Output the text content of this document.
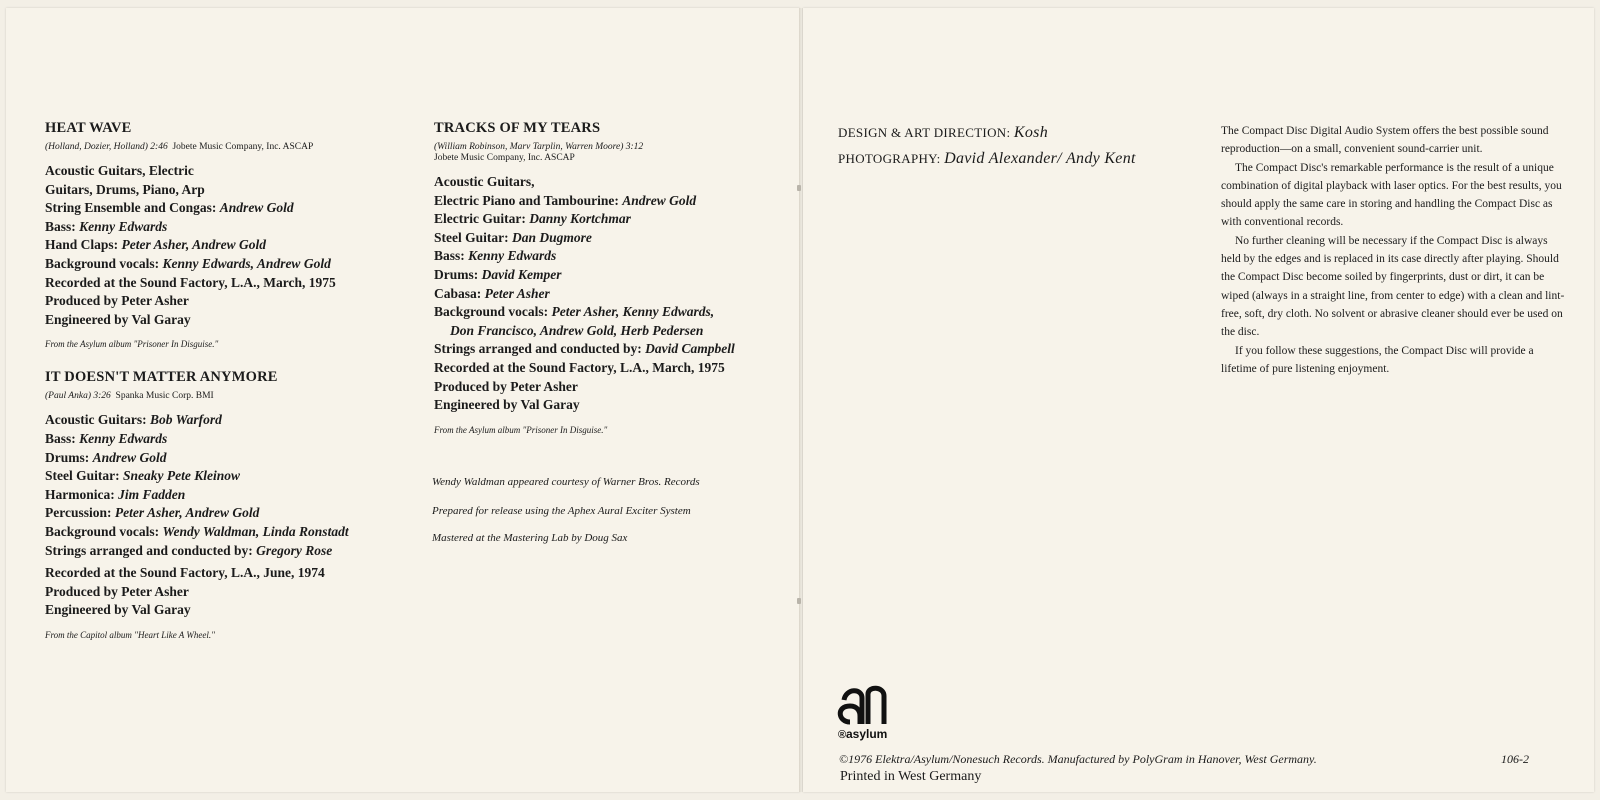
HEAT WAVE
(Holland, Dozier, Holland) 2:46 Jobete Music Company, Inc. ASCAP
Acoustic Guitars, Electric
Guitars, Drums, Piano, Arp
String Ensemble and Congas: Andrew Gold
Bass: Kenny Edwards
Hand Claps: Peter Asher, Andrew Gold
Background vocals: Kenny Edwards, Andrew Gold
Recorded at the Sound Factory, L.A., March, 1975
Produced by Peter Asher
Engineered by Val Garay
From the Asylum album "Prisoner In Disguise."
IT DOESN'T MATTER ANYMORE
(Paul Anka) 3:26 Spanka Music Corp. BMI
Acoustic Guitars: Bob Warford
Bass: Kenny Edwards
Drums: Andrew Gold
Steel Guitar: Sneaky Pete Kleinow
Harmonica: Jim Fadden
Percussion: Peter Asher, Andrew Gold
Background vocals: Wendy Waldman, Linda Ronstadt
Strings arranged and conducted by: Gregory Rose
Recorded at the Sound Factory, L.A., June, 1974
Produced by Peter Asher
Engineered by Val Garay
From the Capitol album "Heart Like A Wheel."
TRACKS OF MY TEARS
(William Robinson, Marv Tarplin, Warren Moore) 3:12
Jobete Music Company, Inc. ASCAP
Acoustic Guitars,
Electric Piano and Tambourine: Andrew Gold
Electric Guitar: Danny Kortchmar
Steel Guitar: Dan Dugmore
Bass: Kenny Edwards
Drums: David Kemper
Cabasa: Peter Asher
Background vocals: Peter Asher, Kenny Edwards,
Don Francisco, Andrew Gold, Herb Pedersen
Strings arranged and conducted by: David Campbell
Recorded at the Sound Factory, L.A., March, 1975
Produced by Peter Asher
Engineered by Val Garay
From the Asylum album "Prisoner In Disguise."
Wendy Waldman appeared courtesy of Warner Bros. Records
Prepared for release using the Aphex Aural Exciter System
Mastered at the Mastering Lab by Doug Sax
DESIGN & ART DIRECTION: Kosh
PHOTOGRAPHY: David Alexander/ Andy Kent

The Compact Disc Digital Audio System offers the best possible sound reproduction—on a small, convenient sound-carrier unit.

The Compact Disc's remarkable performance is the result of a unique combination of digital playback with laser optics. For the best results, you should apply the same care in storing and handling the Compact Disc as with conventional records.

No further cleaning will be necessary if the Compact Disc is always held by the edges and is replaced in its case directly after playing. Should the Compact Disc become soiled by fingerprints, dust or dirt, it can be wiped (always in a straight line, from center to edge) with a clean and lint-free, soft, dry cloth. No solvent or abrasive cleaner should ever be used on the disc.

If you follow these suggestions, the Compact Disc will provide a lifetime of pure listening enjoyment.

® asylum
©1976 Elektra/Asylum/Nonesuch Records. Manufactured by PolyGram in Hanover, West Germany.
Printed in West Germany
106-2
